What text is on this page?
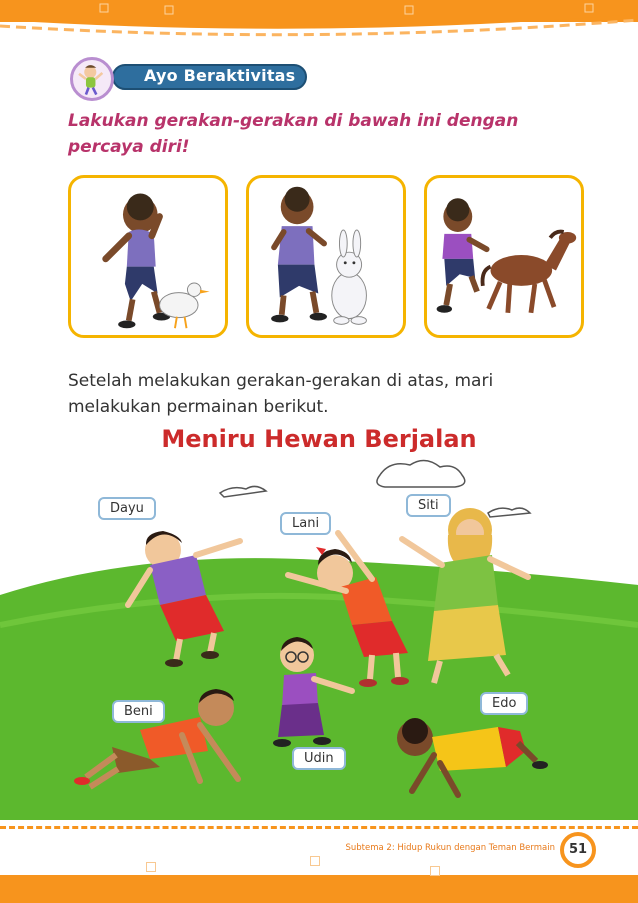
Ayo Beraktivitas
Lakukan gerakan-gerakan di bawah ini dengan percaya diri!
Setelah melakukan gerakan-gerakan di atas, mari melakukan permainan berikut.
Meniru Hewan Berjalan
Dayu
Lani
Siti
Beni
Udin
Edo
Subtema 2: Hidup Rukun dengan Teman Bermain	51
